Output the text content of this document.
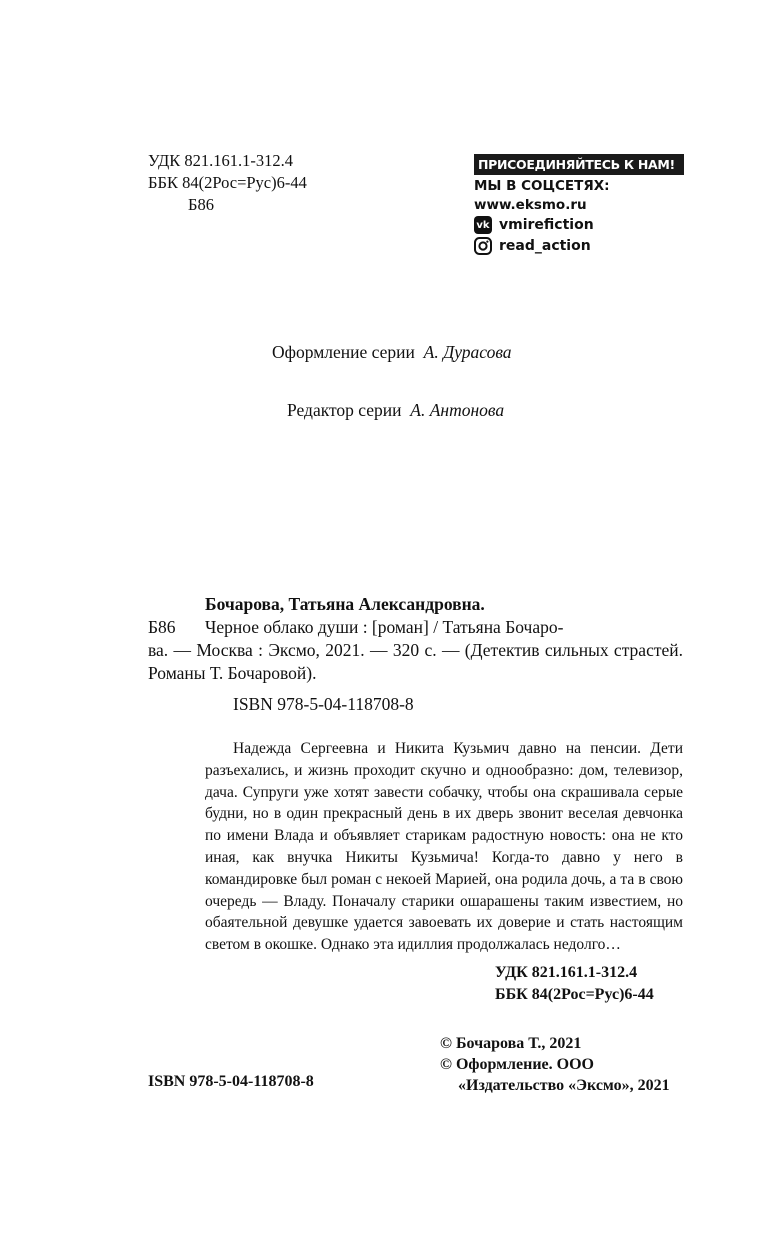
УДК 821.161.1-312.4
ББК 84(2Рос=Рус)6-44
Б86
ПРИСОЕДИНЯЙТЕСЬ К НАМ!
МЫ В СОЦСЕТЯХ:
www.eksmo.ru
vk vmirefiction
read_action
Оформление серии А. Дурасова
Редактор серии А. Антонова
Бочарова, Татьяна Александровна.
Б86	Черное облако души : [роман] / Татьяна Бочаро-
ва. — Москва : Эксмо, 2021. — 320 с. — (Детектив сильных страстей. Романы Т. Бочаровой).
ISBN 978-5-04-118708-8
Надежда Сергеевна и Никита Кузьмич давно на пенсии. Дети разъехались, и жизнь проходит скучно и однообразно: дом, телевизор, дача. Супруги уже хотят завести собачку, чтобы она скрашивала серые будни, но в один прекрасный день в их дверь звонит веселая девчонка по имени Влада и объявляет старикам радостную новость: она не кто иная, как внучка Никиты Кузьмича! Когда-то давно у него в командировке был роман с некоей Марией, она родила дочь, а та в свою очередь — Владу. Поначалу старики ошарашены таким известием, но обаятельной девушке удается завоевать их доверие и стать настоящим светом в окошке. Однако эта идиллия продолжалась недолго…
УДК 821.161.1-312.4
ББК 84(2Рос=Рус)6-44
© Бочарова Т., 2021
© Оформление. ООО
«Издательство «Эксмо», 2021
ISBN 978-5-04-118708-8
